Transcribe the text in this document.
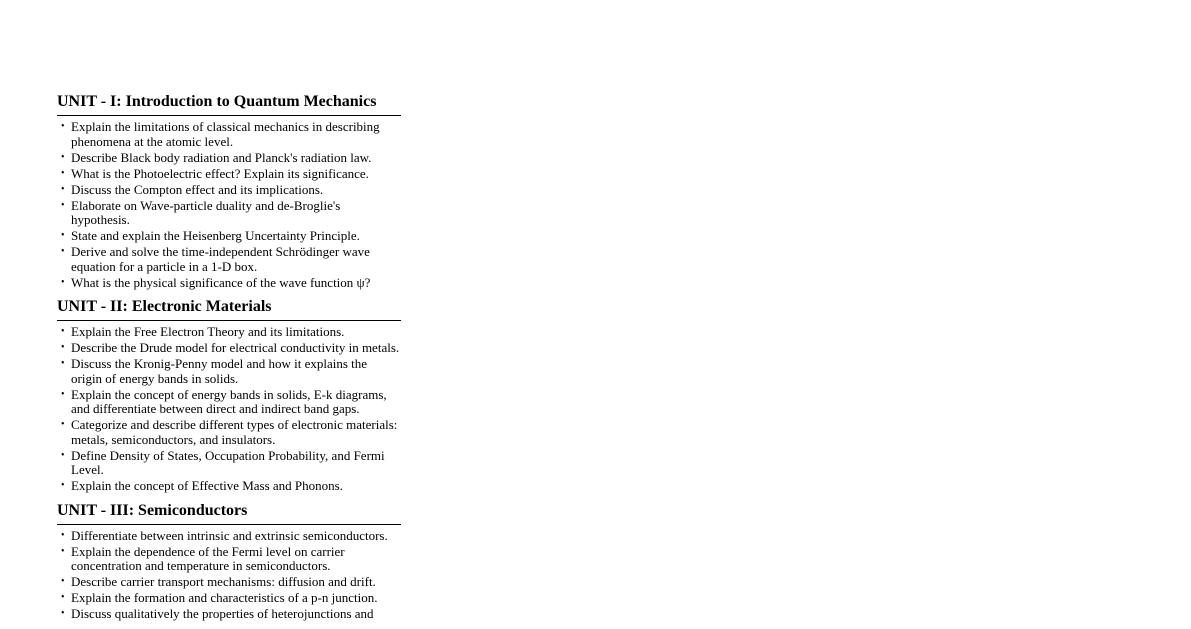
UNIT - I: Introduction to Quantum Mechanics
• Explain the limitations of classical mechanics in describing phenomena at the atomic level.
• Describe Black body radiation and Planck's radiation law.
• What is the Photoelectric effect? Explain its significance.
• Discuss the Compton effect and its implications.
• Elaborate on Wave-particle duality and de-Broglie's hypothesis.
• State and explain the Heisenberg Uncertainty Principle.
• Derive and solve the time-independent Schrödinger wave equation for a particle in a 1-D box.
• What is the physical significance of the wave function ψ?
UNIT - II: Electronic Materials
• Explain the Free Electron Theory and its limitations.
• Describe the Drude model for electrical conductivity in metals.
• Discuss the Kronig-Penny model and how it explains the origin of energy bands in solids.
• Explain the concept of energy bands in solids, E-k diagrams, and differentiate between direct and indirect band gaps.
• Categorize and describe different types of electronic materials: metals, semiconductors, and insulators.
• Define Density of States, Occupation Probability, and Fermi Level.
• Explain the concept of Effective Mass and Phonons.
UNIT - III: Semiconductors
• Differentiate between intrinsic and extrinsic semiconductors.
• Explain the dependence of the Fermi level on carrier concentration and temperature in semiconductors.
• Describe carrier transport mechanisms: diffusion and drift.
• Explain the formation and characteristics of a p-n junction.
• Discuss qualitatively the properties of heterojunctions and
